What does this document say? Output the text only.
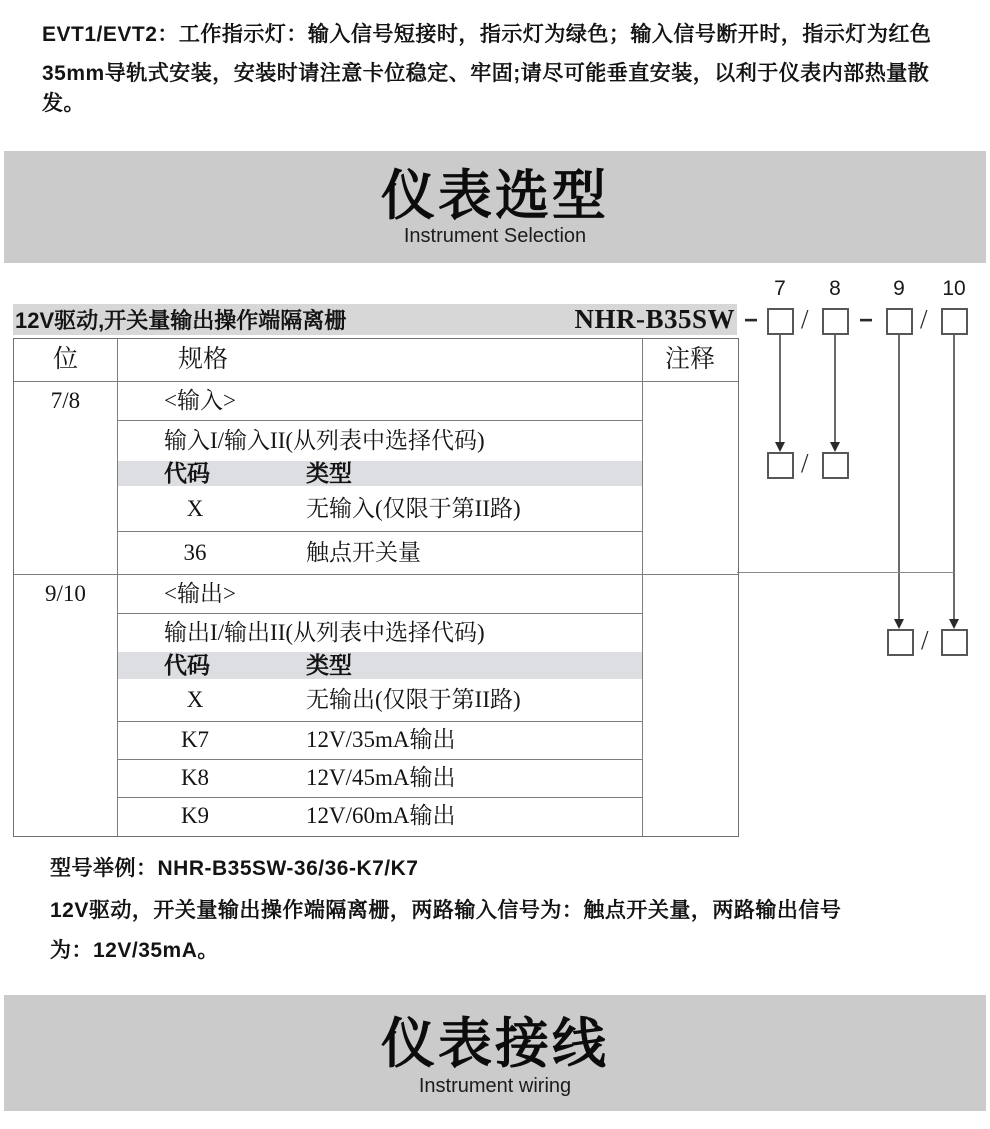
EVT1/EVT2：工作指示灯：输入信号短接时，指示灯为绿色；输入信号断开时，指示灯为红色
35mm导轨式安装，安装时请注意卡位稳定、牢固;请尽可能垂直安装，以利于仪表内部热量散发。
仪表选型
Instrument Selection
12V驱动,开关量输出操作端隔离栅	NHR-B35SW −
7	8	9	10
/ − /
/
/
位	规格	注释
7/8	<输入>
输入I/输入II(从列表中选择代码)
代码	类型
X	无输入(仅限于第II路)
36	触点开关量
9/10	<输出>
输出I/输出II(从列表中选择代码)
代码	类型
X	无输出(仅限于第II路)
K7	12V/35mA输出
K8	12V/45mA输出
K9	12V/60mA输出
型号举例：NHR-B35SW-36/36-K7/K7
12V驱动，开关量输出操作端隔离栅，两路输入信号为：触点开关量，两路输出信号
为：12V/35mA。
仪表接线
Instrument wiring
